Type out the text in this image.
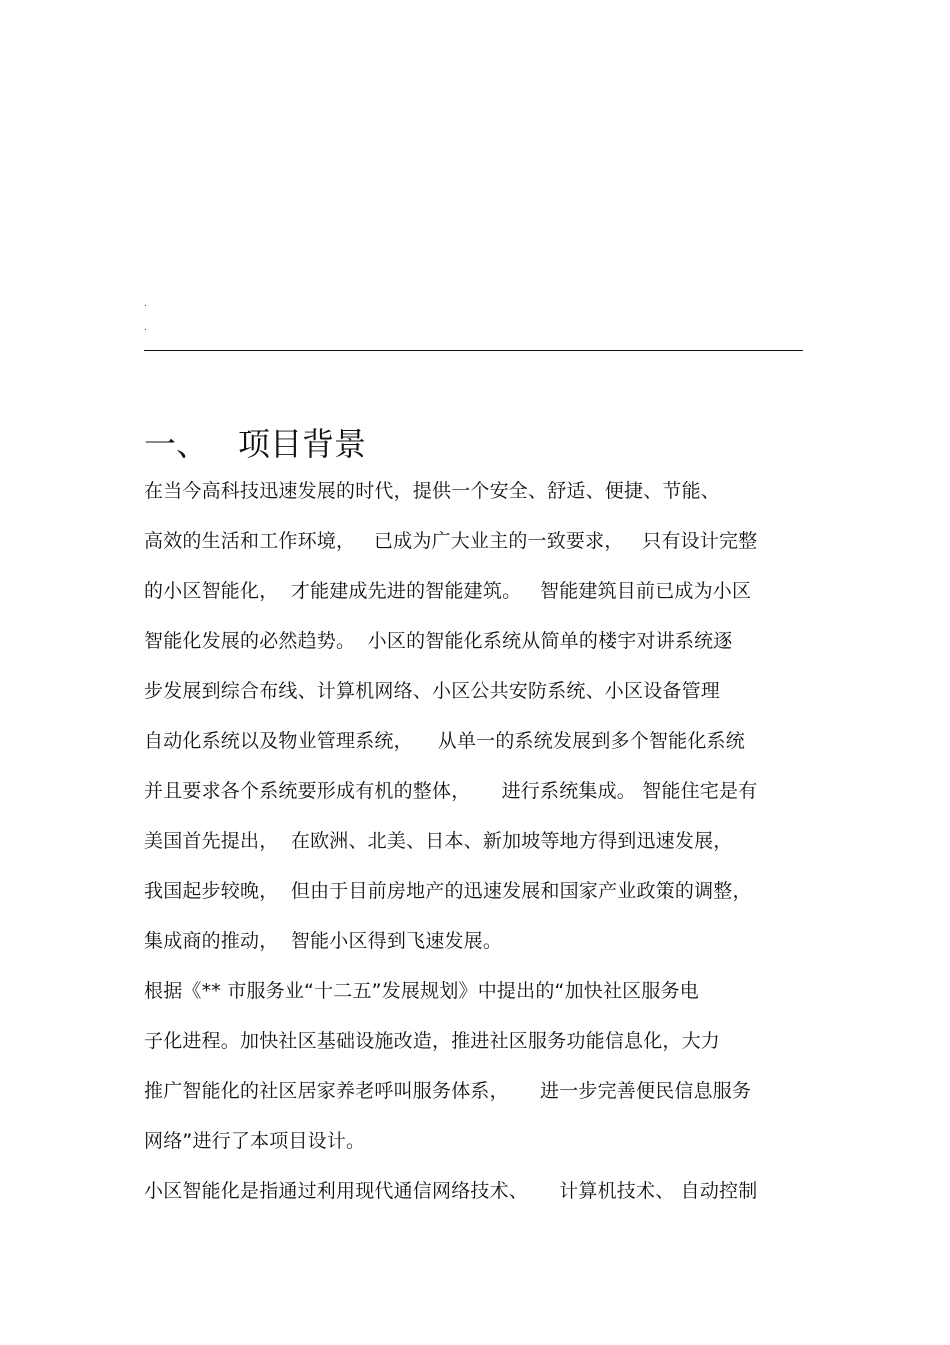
.
.
一、 项目背景
在当今高科技迅速发展的时代，提供一个安全、舒适、便捷、节能、
高效的生活和工作环境，   已成为广大业主的一致要求，   只有设计完整
的小区智能化，  才能建成先进的智能建筑。   智能建筑目前已成为小区
智能化发展的必然趋势。  小区的智能化系统从简单的楼宇对讲系统逐
步发展到综合布线、计算机网络、小区公共安防系统、小区设备管理
自动化系统以及物业管理系统，    从单一的系统发展到多个智能化系统
并且要求各个系统要形成有机的整体，     进行系统集成。 智能住宅是有
美国首先提出，  在欧洲、北美、日本、新加坡等地方得到迅速发展，
我国起步较晚，  但由于目前房地产的迅速发展和国家产业政策的调整，
集成商的推动，  智能小区得到飞速发展。
根据《** 市服务业“十二五”发展规划》中提出的“加快社区服务电
子化进程。加快社区基础设施改造，推进社区服务功能信息化，大力
推广智能化的社区居家养老呼叫服务体系，     进一步完善便民信息服务
网络”进行了本项目设计。
小区智能化是指通过利用现代通信网络技术、     计算机技术、 自动控制
